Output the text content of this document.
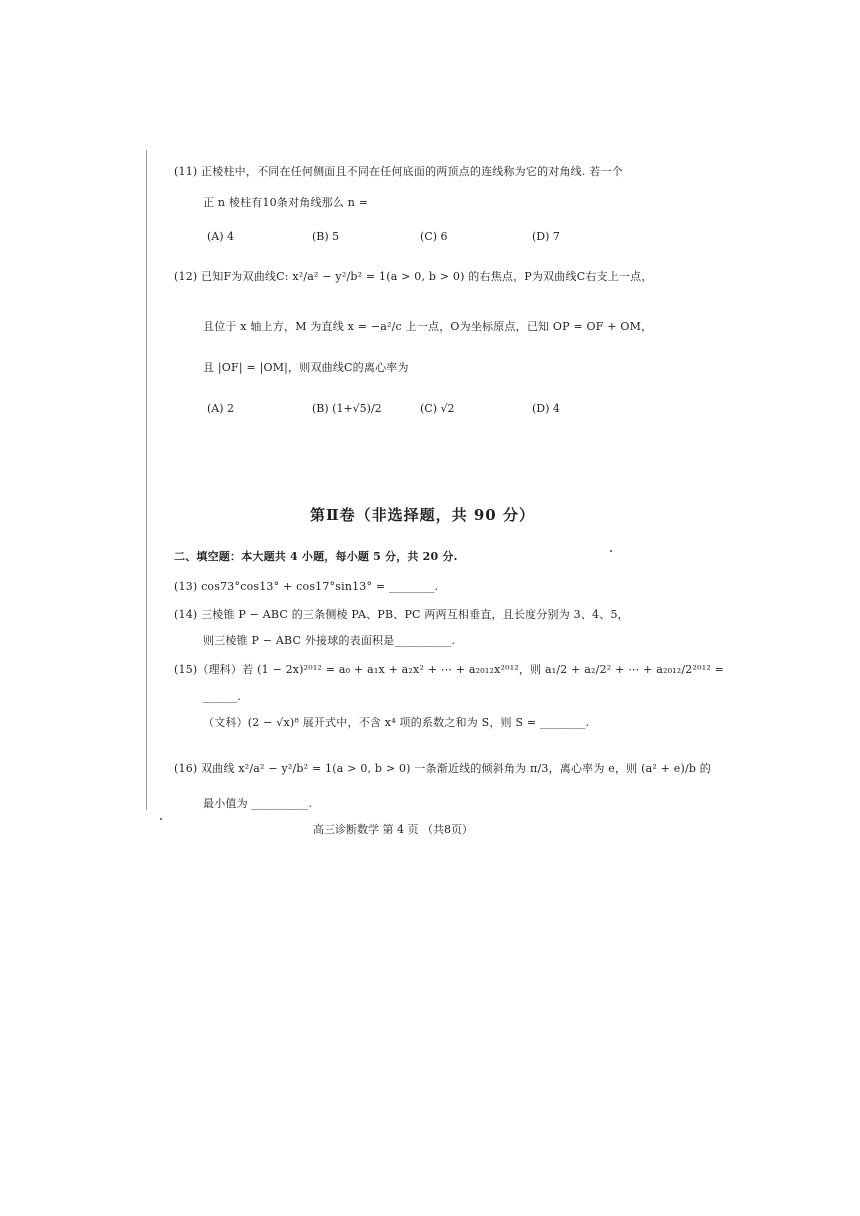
(11) 正棱柱中，不同在任何侧面且不同在任何底面的两顶点的连线称为它的对角线. 若一个
正 n 棱柱有10条对角线那么 n =
(A) 4	(B) 5	(C) 6	(D) 7
(12) 已知F为双曲线C: x²/a² − y²/b² = 1(a > 0, b > 0) 的右焦点，P为双曲线C右支上一点，
且位于 x 轴上方，M 为直线 x = −a²/c 上一点，O为坐标原点，已知 OP = OF + OM，
且 |OF| = |OM|，则双曲线C的离心率为
(A) 2	(B) (1+√5)/2	(C) √2	(D) 4
第Ⅱ卷（非选择题，共 90 分）
二、填空题：本大题共 4 小题，每小题 5 分，共 20 分.
(13) cos73°cos13° + cos17°sin13° = ________.
(14) 三棱锥 P − ABC 的三条侧棱 PA、PB、PC 两两互相垂直，且长度分别为 3、4、5，
则三棱锥 P − ABC 外接球的表面积是__________.
(15)（理科）若 (1 − 2x)²⁰¹² = a₀ + a₁x + a₂x² + ⋯ + a₂₀₁₂x²⁰¹²，则 a₁/2 + a₂/2² + ⋯ + a₂₀₁₂/2²⁰¹² =
______.
（文科）(2 − √x)⁸ 展开式中，不含 x⁴ 项的系数之和为 S，则 S = ________.
(16) 双曲线 x²/a² − y²/b² = 1(a > 0, b > 0) 一条渐近线的倾斜角为 π/3，离心率为 e，则 (a² + e)/b 的
最小值为 __________.
高三诊断数学 第 4 页 （共8页）
